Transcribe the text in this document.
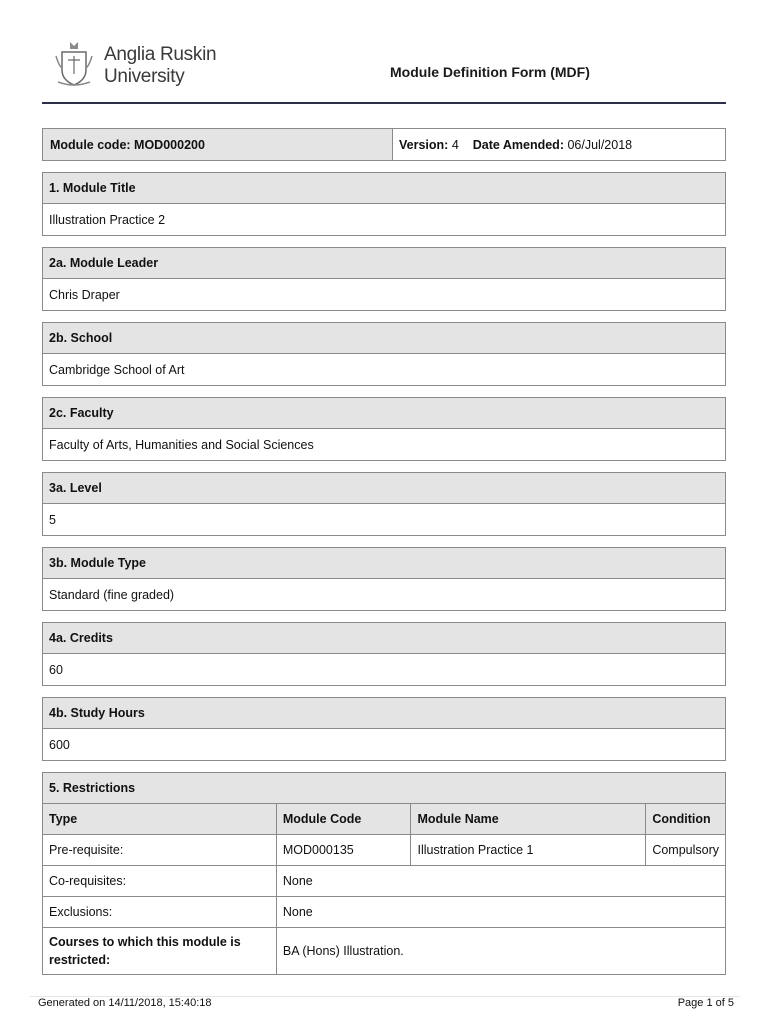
Anglia Ruskin
University	Module Definition Form (MDF)
Module code:
MOD000200	Version:
4 Date Amended:
06/Jul/2018
1. Module Title
Illustration Practice 2
2a. Module Leader
Chris Draper
2b. School
Cambridge School of Art
2c. Faculty
Faculty of Arts, Humanities and Social Sciences
3a. Level
5
3b. Module Type
Standard (fine graded)
4a. Credits
60
4b. Study Hours
600
5. Restrictions
Type	Module Code	Module Name	Condition
Pre-requisite:	MOD000135	Illustration Practice 1	Compulsory
Co-requisites:	None		
Exclusions:	None		
Courses to which this module is restricted:	BA (Hons) Illustration.		
Generated on 14/11/2018, 15:40:18	Page 1 of 5
